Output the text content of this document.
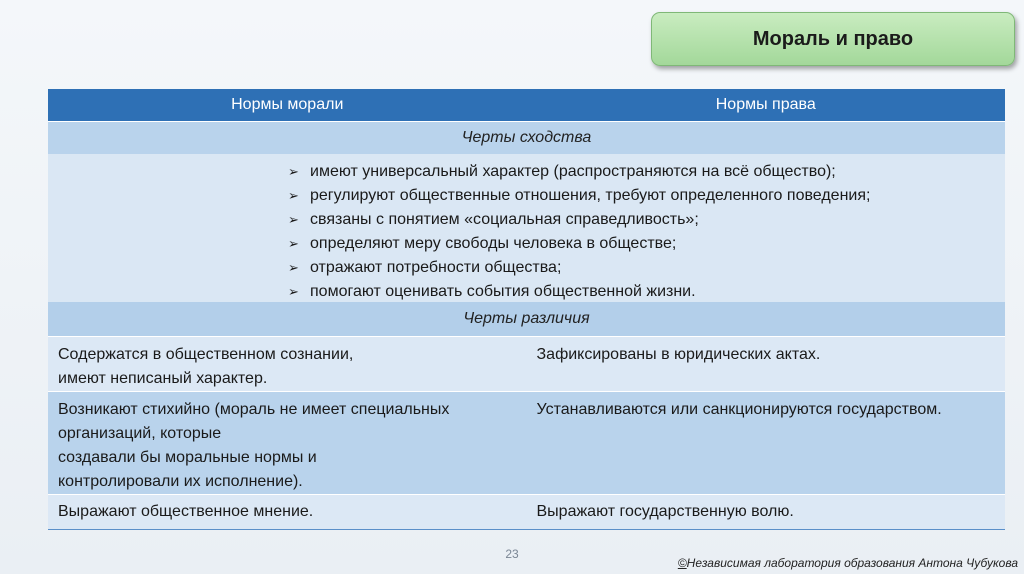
Мораль и право
Нормы морали	Нормы права
Черты сходства
➢ имеют универсальный характер (распространяются на всё общество);
➢ регулируют общественные отношения, требуют определенного поведения;
➢ связаны с понятием «социальная справедливость»;
➢ определяют меру свободы человека в обществе;
➢ отражают потребности общества;
➢ помогают оценивать события общественной жизни.
Черты различия
Содержатся в общественном сознании,
имеют неписаный характер.
Зафиксированы в юридических актах.
Возникают стихийно (мораль не имеет специальных
организаций, которые
создавали бы моральные нормы и
контролировали их исполнение).
Устанавливаются или санкционируются государством.
Выражают общественное мнение.	Выражают государственную волю.
23
©Независимая лаборатория образования Антона Чубукова
